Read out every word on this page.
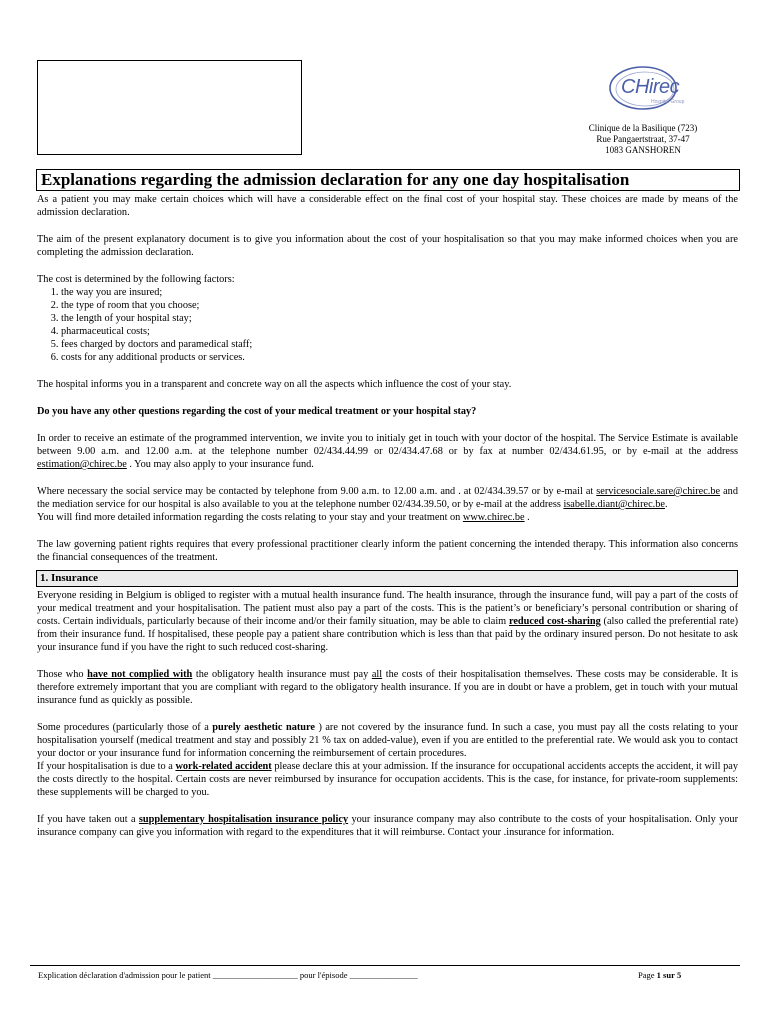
CHirec
Hospital Group
Clinique de la Basilique (723)
Rue Pangaertstraat, 37-47
1083 GANSHOREN
Explanations regarding the admission declaration for any one day hospitalisation

As a patient you may make certain choices which will have a considerable effect on the final cost of your hospital stay. These choices are made by means of the admission declaration.

The aim of the present explanatory document is to give you information about the cost of your hospitalisation so that you may make informed choices when you are completing the admission declaration.

The cost is determined by the following factors:

1. the way you are insured;
2. the type of room that you choose;
3. the length of your hospital stay;
4. pharmaceutical costs;
5. fees charged by doctors and paramedical staff;
6. costs for any additional products or services.

The hospital informs you in a transparent and concrete way on all the aspects which influence the cost of your stay.

Do you have any other questions regarding the cost of your medical treatment or your hospital stay?

In order to receive an estimate of the programmed intervention, we invite you to initialy get in touch with your doctor of the hospital. The Service Estimate is available between 9.00 a.m. and 12.00 a.m. at the telephone number 02/434.44.99 or 02/434.47.68 or by fax at number 02/434.61.95, or by e-mail at the address estimation@chirec.be . You may also apply to your insurance fund.

Where necessary the social service may be contacted by telephone from 9.00 a.m. to 12.00 a.m. and . at 02/434.39.57 or by e-mail at servicesociale.sare@chirec.be and the mediation service for our hospital is also available to you at the telephone number 02/434.39.50, or by e-mail at the address isabelle.diant@chirec.be.
You will find more detailed information regarding the costs relating to your stay and your treatment on www.chirec.be .

The law governing patient rights requires that every professional practitioner clearly inform the patient concerning the intended therapy. This information also concerns the financial consequences of the treatment.

1. Insurance

Everyone residing in Belgium is obliged to register with a mutual health insurance fund. The health insurance, through the insurance fund, will pay a part of the costs of your medical treatment and your hospitalisation. The patient must also pay a part of the costs. This is the patient’s or beneficiary’s personal contribution or sharing of costs. Certain individuals, particularly because of their income and/or their family situation, may be able to claim reduced cost-sharing (also called the preferential rate) from their insurance fund. If hospitalised, these people pay a patient share contribution which is less than that paid by the ordinary insured person. Do not hesitate to ask your insurance fund if you have the right to such reduced cost-sharing.

Those who have not complied with the obligatory health insurance must pay all the costs of their hospitalisation themselves. These costs may be considerable. It is therefore extremely important that you are compliant with regard to the obligatory health insurance. If you are in doubt or have a problem, get in touch with your mutual insurance fund as quickly as possible.

Some procedures (particularly those of a purely aesthetic nature ) are not covered by the insurance fund. In such a case, you must pay all the costs relating to your hospitalisation yourself (medical treatment and stay and possibly 21 % tax on added-value), even if you are entitled to the preferential rate. We would ask you to contact your doctor or your insurance fund for information concerning the reimbursement of certain procedures.

If your hospitalisation is due to a work-related accident please declare this at your admission. If the insurance for occupational accidents accepts the accident, it will pay the costs directly to the hospital. Certain costs are never reimbursed by insurance for occupation accidents. This is the case, for instance, for private-room supplements: these supplements will be charged to you.

If you have taken out a supplementary hospitalisation insurance policy your insurance company may also contribute to the costs of your hospitalisation. Only your insurance company can give you information with regard to the expenditures that it will reimburse. Contact your .insurance for information.

Explication déclaration d'admission pour le patient ____________________ pour l'épisode ________________	Page 1 sur 5
